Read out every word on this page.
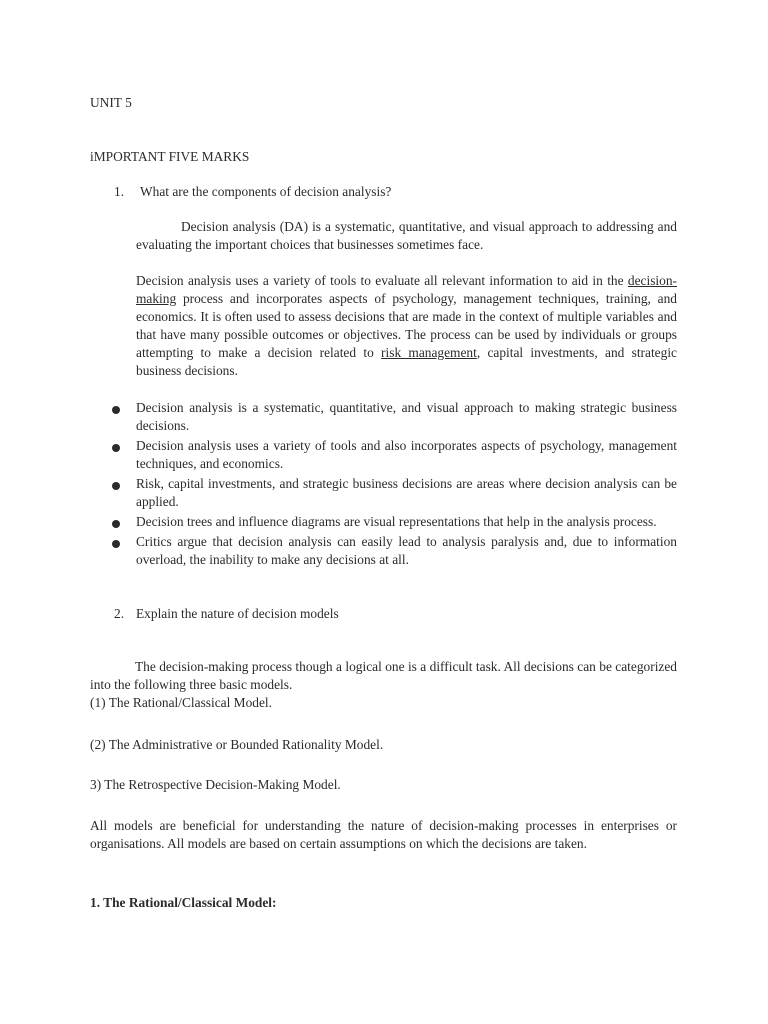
UNIT 5
iMPORTANT FIVE MARKS
1.	What are the components of decision analysis?
Decision analysis (DA) is a systematic, quantitative, and visual approach to addressing and evaluating the important choices that businesses sometimes face.
Decision analysis uses a variety of tools to evaluate all relevant information to aid in the decision-making process and incorporates aspects of psychology, management techniques, training, and economics. It is often used to assess decisions that are made in the context of multiple variables and that have many possible outcomes or objectives. The process can be used by individuals or groups attempting to make a decision related to risk management, capital investments, and strategic business decisions.
Decision analysis is a systematic, quantitative, and visual approach to making strategic business decisions.
Decision analysis uses a variety of tools and also incorporates aspects of psychology, management techniques, and economics.
Risk, capital investments, and strategic business decisions are areas where decision analysis can be applied.
Decision trees and influence diagrams are visual representations that help in the analysis process.
Critics argue that decision analysis can easily lead to analysis paralysis and, due to information overload, the inability to make any decisions at all.
2. Explain the nature of decision models
The decision-making process though a logical one is a difficult task. All decisions can be categorized into the following three basic models.
(1) The Rational/Classical Model.
(2) The Administrative or Bounded Rationality Model.
3) The Retrospective Decision-Making Model.
All models are beneficial for understanding the nature of decision-making processes in enterprises or organisations. All models are based on certain assumptions on which the decisions are taken.
1. The Rational/Classical Model:
